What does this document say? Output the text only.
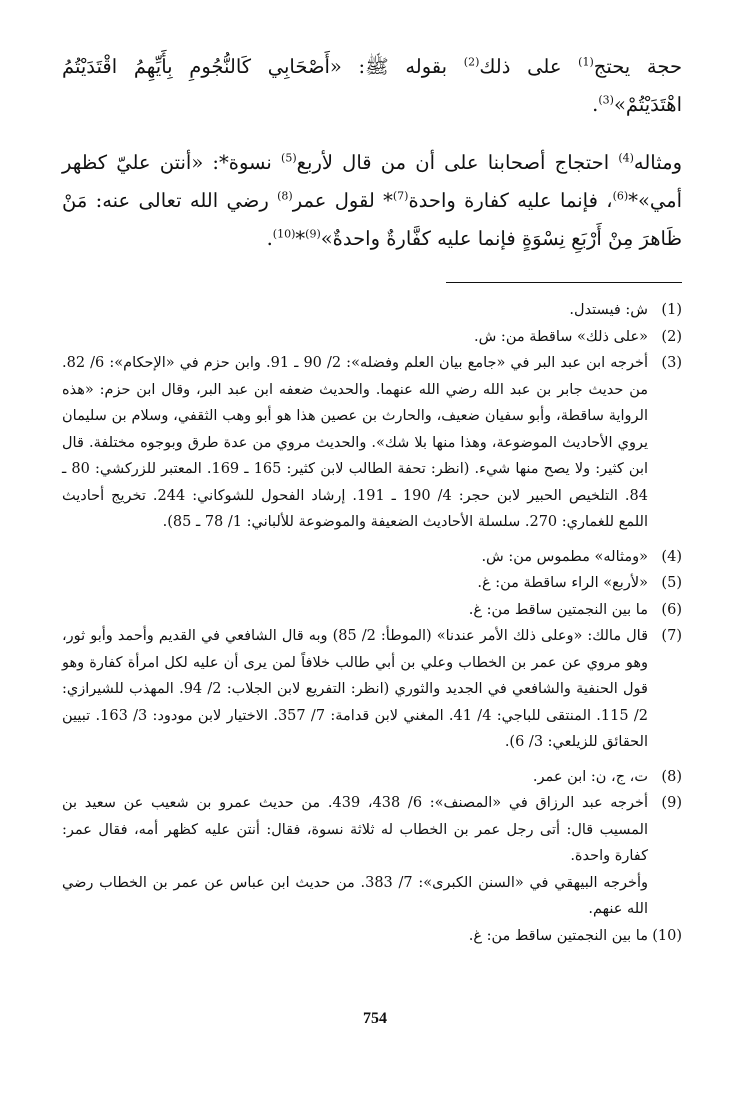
حجة يحتج$^{(1)}$ على ذلك$^{(2)}$ بقوله ﷺ: «أَصْحَابِي كَالنُّجُومِ بِأَيِّهِمُ اقْتَدَيْتُمُ اهْتَدَيْتُمْ»$^{(3)}$.

ومثاله$^{(4)}$ احتجاج أصحابنا على أن من قال لأربع$^{(5)}$ نسوة*: «أنتن عليّ كظهر أمي»*$^{(6)}$، فإنما عليه كفارة واحدة$^{(7)}$* لقول عمر$^{(8)}$ رضي الله تعالى عنه: مَنْ ظَاهرَ مِنْ أَرْبَعِ نِسْوَةٍ فإنما عليه كفَّارةٌ واحدةٌ»$^{(9)}$*$^{(10)}$.

(1)
ش: فيستدل.
(2)
«على ذلك» ساقطة من: ش.
(3)
أخرجه ابن عبد البر في «جامع بيان العلم وفضله»: 2/ 90 ـ 91. وابن حزم في «الإحكام»: 6/ 82. من حديث جابر بن عبد الله رضي الله عنهما. والحديث ضعفه ابن عبد البر، وقال ابن حزم: «هذه الرواية ساقطة، وأبو سفيان ضعيف، والحارث بن عصين هذا هو أبو وهب الثقفي، وسلام بن سليمان يروي الأحاديث الموضوعة، وهذا منها بلا شك». والحديث مروي من عدة طرق وبوجوه مختلفة. قال ابن كثير: ولا يصح منها شيء. (انظر: تحفة الطالب لابن كثير: 165 ـ 169. المعتبر للزركشي: 80 ـ 84. التلخيص الحبير لابن حجر: 4/ 190 ـ 191. إرشاد الفحول للشوكاني: 244. تخريج أحاديث اللمع للغماري: 270. سلسلة الأحاديث الضعيفة والموضوعة للألباني: 1/ 78 ـ 85).
(4)
«ومثاله» مطموس من: ش.
(5)
«لأربع» الراء ساقطة من: غ.
(6)
ما بين النجمتين ساقط من: غ.
(7)
قال مالك: «وعلى ذلك الأمر عندنا» (الموطأ: 2/ 85) وبه قال الشافعي في القديم وأحمد وأبو ثور، وهو مروي عن عمر بن الخطاب وعلي بن أبي طالب خلافاً لمن يرى أن عليه لكل امرأة كفارة وهو قول الحنفية والشافعي في الجديد والثوري (انظر: التفريع لابن الجلاب: 2/ 94. المهذب للشيرازي: 2/ 115. المنتقى للباجي: 4/ 41. المغني لابن قدامة: 7/ 357. الاختيار لابن مودود: 3/ 163. تبيين الحقائق للزيلعي: 3/ 6).
(8)
ت، ج، ن: ابن عمر.
(9)
أخرجه عبد الرزاق في «المصنف»: 6/ 438، 439. من حديث عمرو بن شعيب عن سعيد بن المسيب قال: أتى رجل عمر بن الخطاب له ثلاثة نسوة، فقال: أنتن عليه كظهر أمه، فقال عمر: كفارة واحدة.
وأخرجه البيهقي في «السنن الكبرى»: 7/ 383. من حديث ابن عباس عن عمر بن الخطاب رضي الله عنهم.
(10)
ما بين النجمتين ساقط من: غ.
754
